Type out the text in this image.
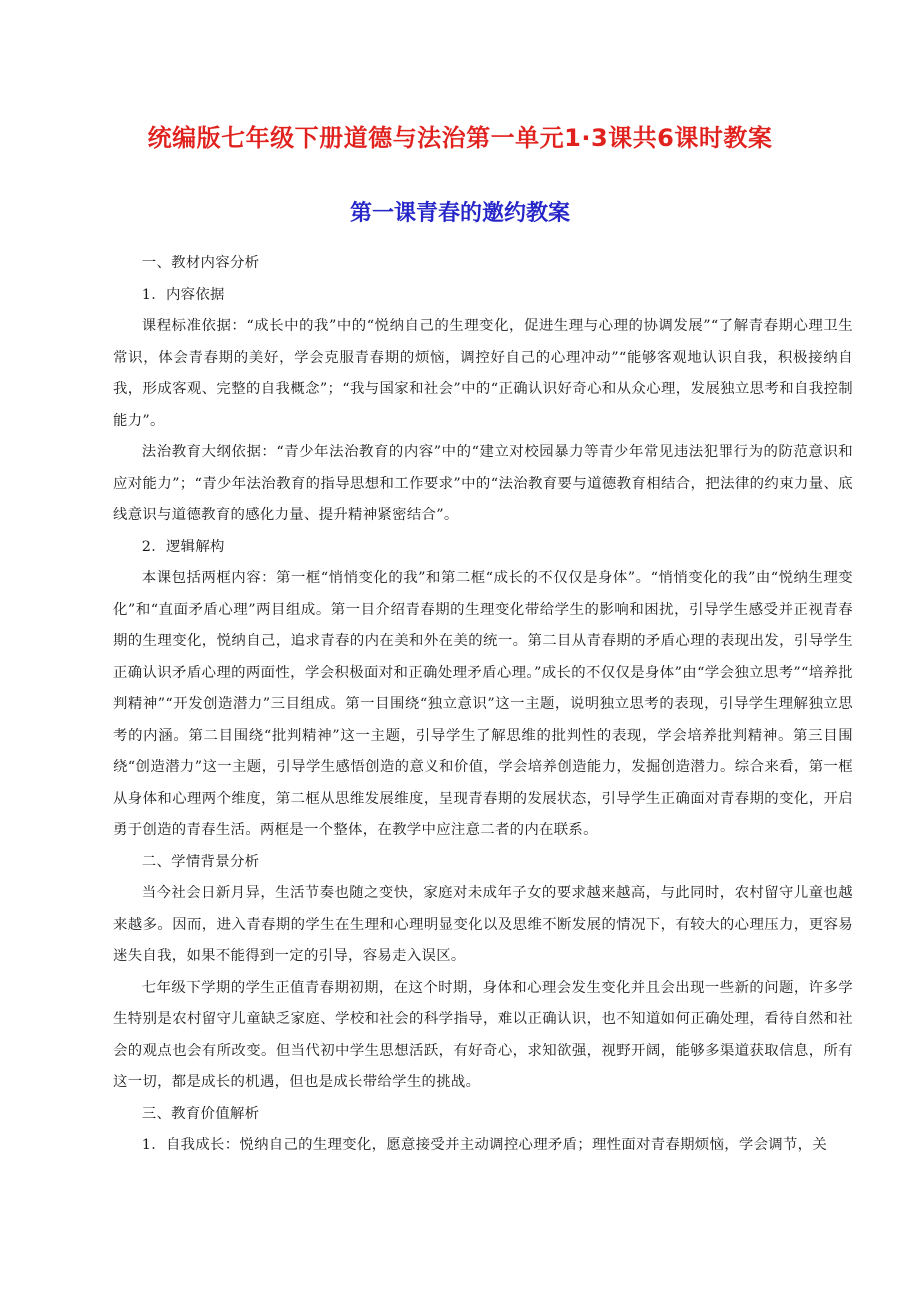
统编版七年级下册道德与法治第一单元1·3课共6课时教案
第一课青春的邀约教案

一、教材内容分析

1．内容依据

课程标准依据：“成长中的我”中的“悦纳自己的生理变化，促进生理与心理的协调发展”“了解青春期心理卫生常识，体会青春期的美好，学会克服青春期的烦恼，调控好自己的心理冲动”“能够客观地认识自我，积极接纳自我，形成客观、完整的自我概念”；“我与国家和社会”中的“正确认识好奇心和从众心理，发展独立思考和自我控制能力”。

法治教育大纲依据：“青少年法治教育的内容”中的“建立对校园暴力等青少年常见违法犯罪行为的防范意识和应对能力”；“青少年法治教育的指导思想和工作要求”中的“法治教育要与道德教育相结合，把法律的约束力量、底线意识与道德教育的感化力量、提升精神紧密结合”。

2．逻辑解构

本课包括两框内容：第一框“悄悄变化的我”和第二框“成长的不仅仅是身体”。“悄悄变化的我”由“悦纳生理变化”和“直面矛盾心理”两目组成。第一目介绍青春期的生理变化带给学生的影响和困扰，引导学生感受并正视青春期的生理变化，悦纳自己，追求青春的内在美和外在美的统一。第二目从青春期的矛盾心理的表现出发，引导学生正确认识矛盾心理的两面性，学会积极面对和正确处理矛盾心理。”成长的不仅仅是身体”由“学会独立思考”“培养批判精神”“开发创造潜力”三目组成。第一目围绕“独立意识”这一主题，说明独立思考的表现，引导学生理解独立思考的内涵。第二目围绕“批判精神”这一主题，引导学生了解思维的批判性的表现，学会培养批判精神。第三目围绕“创造潜力”这一主题，引导学生感悟创造的意义和价值，学会培养创造能力，发掘创造潜力。综合来看，第一框从身体和心理两个维度，第二框从思维发展维度，呈现青春期的发展状态，引导学生正确面对青春期的变化，开启勇于创造的青春生活。两框是一个整体，在教学中应注意二者的内在联系。

二、学情背景分析

当今社会日新月异，生活节奏也随之变快，家庭对未成年子女的要求越来越高，与此同时，农村留守儿童也越来越多。因而，进入青春期的学生在生理和心理明显变化以及思维不断发展的情况下，有较大的心理压力，更容易迷失自我，如果不能得到一定的引导，容易走入误区。

七年级下学期的学生正值青春期初期，在这个时期，身体和心理会发生变化并且会出现一些新的问题，许多学生特别是农村留守儿童缺乏家庭、学校和社会的科学指导，难以正确认识，也不知道如何正确处理，看待自然和社会的观点也会有所改变。但当代初中学生思想活跃，有好奇心，求知欲强，视野开阔，能够多渠道获取信息，所有这一切，都是成长的机遇，但也是成长带给学生的挑战。

三、教育价值解析

1．自我成长：悦纳自己的生理变化，愿意接受并主动调控心理矛盾；理性面对青春期烦恼，学会调节，关
